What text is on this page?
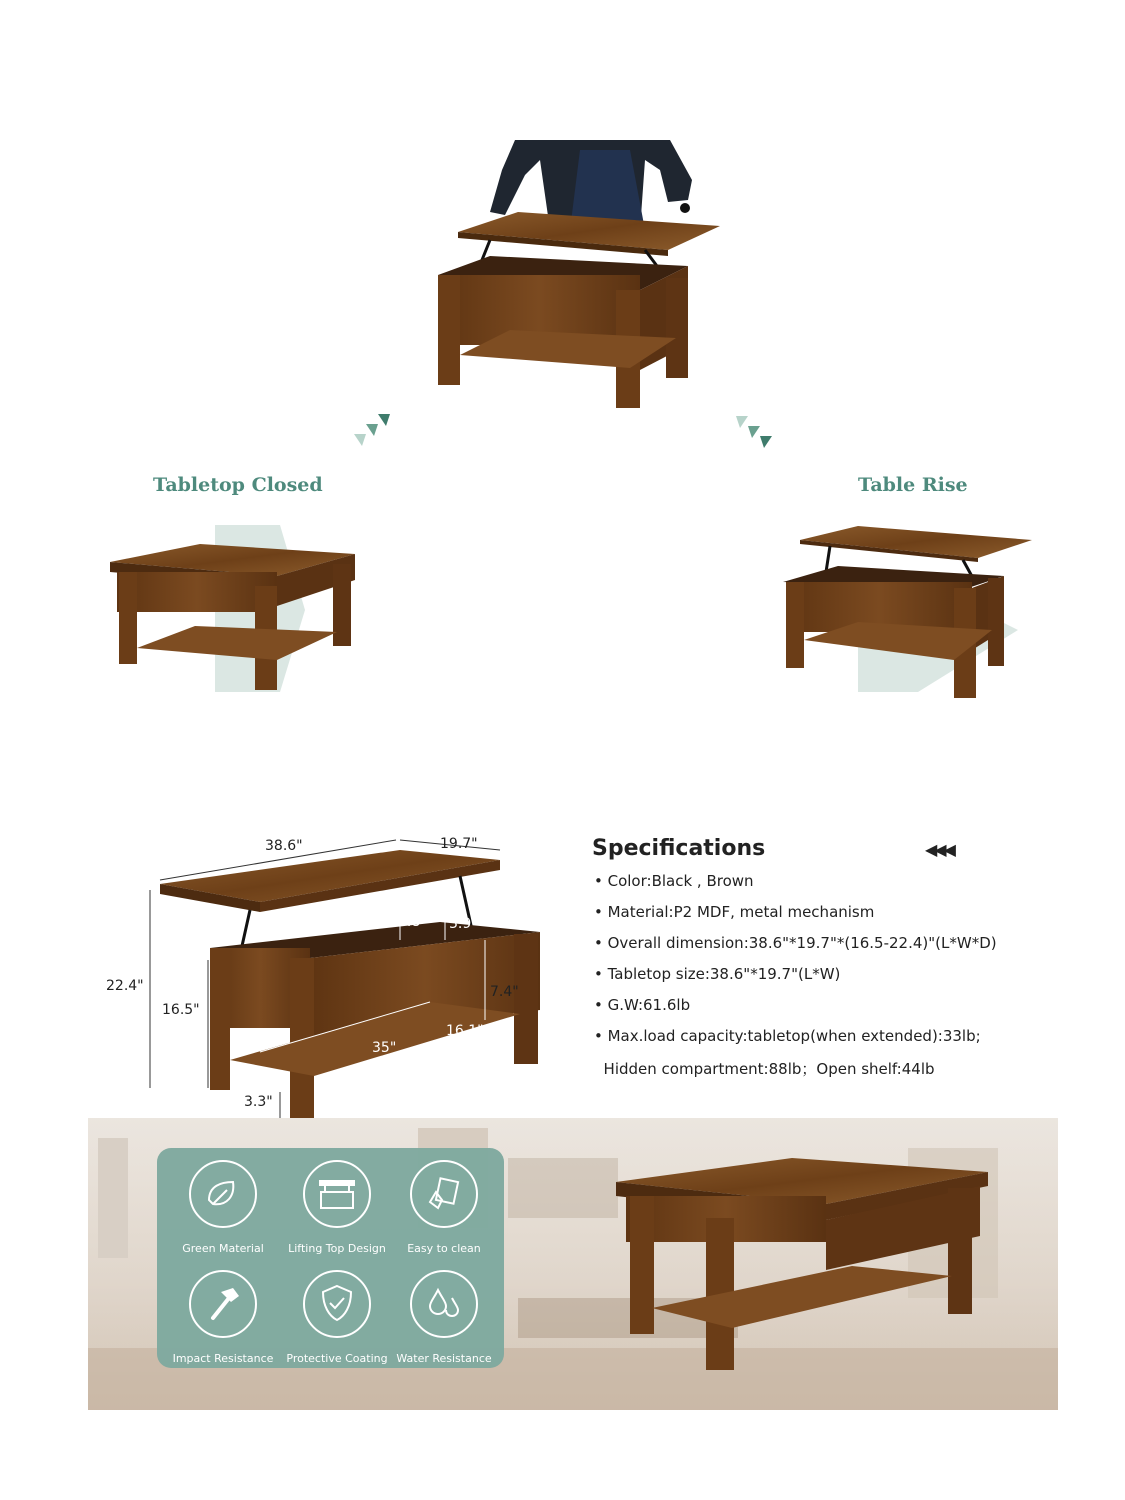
Tabletop Closed	Table Rise
38.6"	19.7"
22.4"
16.5"
9.8" 3.9"
7.4"
16.1"
35"
3.3"
Specifications	◀◀◀
• Color:Black , Brown
• Material:P2 MDF, metal mechanism
• Overall dimension:38.6"*19.7"*(16.5-22.4)"(L*W*D)
• Tabletop size:38.6"*19.7"(L*W)
• G.W:61.6lb
• Max.load capacity:tabletop(when extended):33lb;
Hidden compartment:88lb；Open shelf:44lb
Green Material	Lifting Top Design	Easy to clean
Impact Resistance	Protective Coating Water Resistance
